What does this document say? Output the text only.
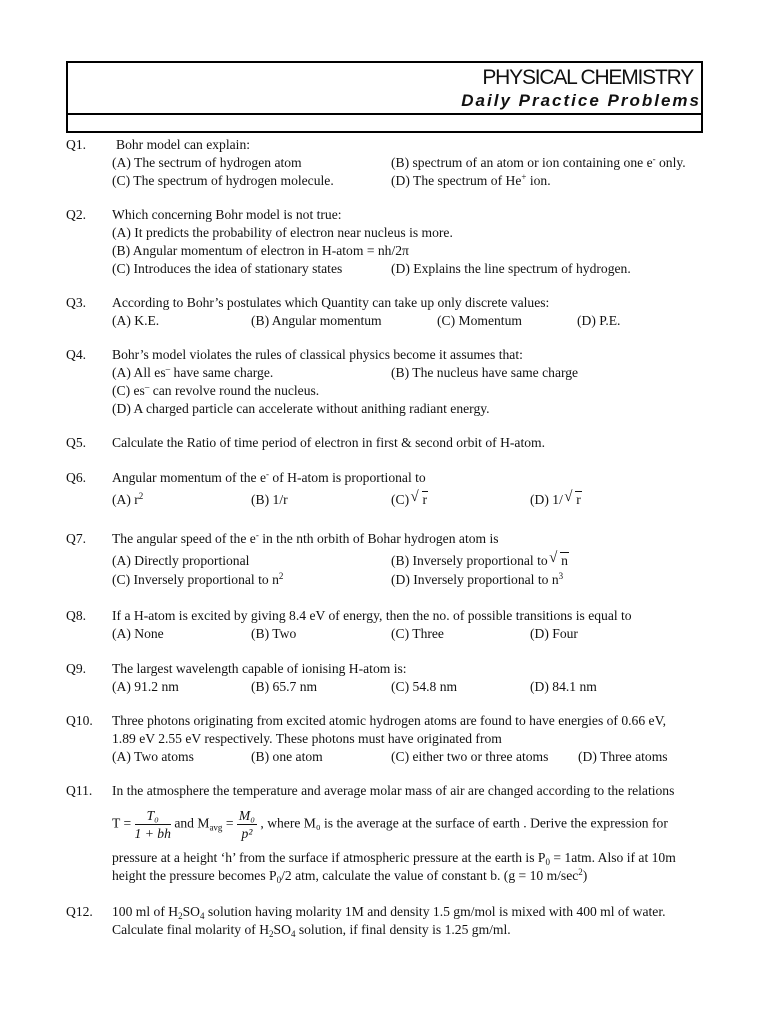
PHYSICAL CHEMISTRY
Daily Practice Problems
Q1. Bohr model can explain:
(A) The sectrum of hydrogen atom	(B) spectrum of an atom or ion containing one e- only.
(C) The spectrum of hydrogen molecule.	(D) The spectrum of He+ ion.
Q2. Which concerning Bohr model is not true:
(A) It predicts the probability of electron near nucleus is more.
(B) Angular momentum of electron in H-atom = nh/2π
(C) Introduces the idea of stationary states	(D) Explains the line spectrum of hydrogen.
Q3. According to Bohr’s postulates which Quantity can take up only discrete values:
(A) K.E.	(B) Angular momentum	(C) Momentum	(D) P.E.
Q4. Bohr’s model violates the rules of classical physics become it assumes that:
(A) All es– have same charge.	(B) The nucleus have same charge
(C) es– can revolve round the nucleus.
(D) A charged particle can accelerate without anithing radiant energy.
Q5. Calculate the Ratio of time period of electron in first & second orbit of H-atom.
Q6. Angular momentum of the e- of H-atom is proportional to
(A) $r^2$	(B) 1/r	(C) √ r	(D) 1/ √ r
Q7. The angular speed of the e- in the nth orbith of Bohar hydrogen atom is
(A) Directly proportional	(B) Inversely proportional to √ n
(C) Inversely proportional to $n^2$	(D) Inversely proportional to $n^3$
Q8. If a H-atom is excited by giving 8.4 eV of energy, then the no. of possible transitions is equal to
(A) None	(B) Two	(C) Three	(D) Four
Q9. The largest wavelength capable of ionising H-atom is:
(A) 91.2 nm	(B) 65.7 nm	(C) 54.8 nm	(D) 84.1 nm
Q10. Three photons originating from excited atomic hydrogen atoms are found to have energies of 0.66 eV,
1.89 eV 2.55 eV respectively. These photons must have originated from
(A) Two atoms	(B) one atom	(C) either two or three atoms (D) Three atoms
Q11. In the atmosphere the temperature and average molar mass of air are changed according to the relations
$T = \frac{\text{T₀}}{1 + bh}$ and $M_{avg} = \frac{\text{M₀}}{\text{p²}}$ , where M₀ is the average at the surface of earth . Derive the expression for
pressure at a height ‘h’ from the surface if atmospheric pressure at the earth is $P_0 = 1atm$. Also if at 10m
height the pressure becomes $P_0/2$ atm, calculate the value of constant b. (g = 10 $m/\sec^2$)
Q12. 100 ml of $H_2SO_4$ solution having molarity 1M and density 1.5 gm/mol is mixed with 400 ml of water.
Calculate final molarity of $H_2SO_4$ solution, if final density is 1.25 gm/ml.
